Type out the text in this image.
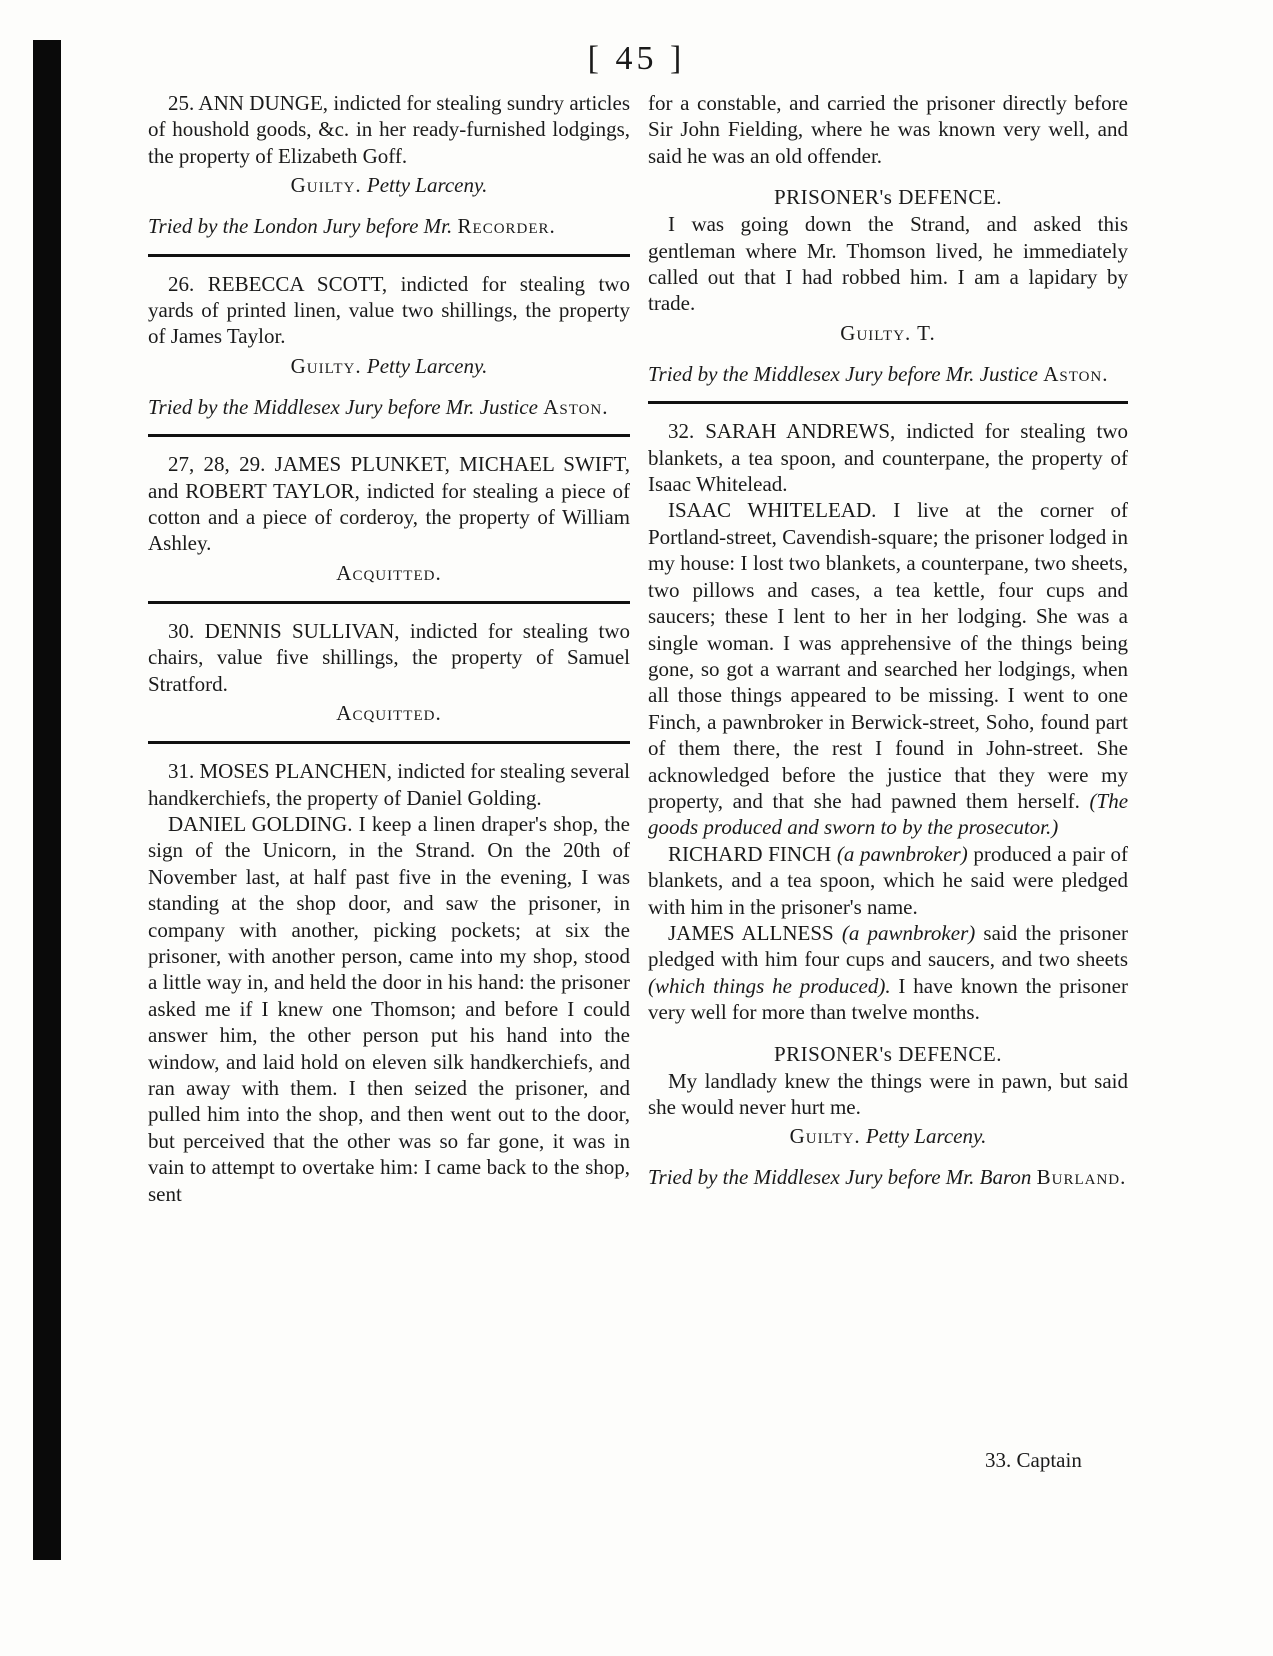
[ 45 ]

25. ANN DUNGE, indicted for stealing sundry articles of houshold goods, &c. in her ready-furnished lodgings, the property of Elizabeth Goff.

Guilty. Petty Larceny.

Tried by the London Jury before Mr. Recorder.

26. REBECCA SCOTT, indicted for stealing two yards of printed linen, value two shillings, the property of James Taylor.

Guilty. Petty Larceny.

Tried by the Middlesex Jury before Mr. Justice Aston.

27, 28, 29. JAMES PLUNKET, MICHAEL SWIFT, and ROBERT TAYLOR, indicted for stealing a piece of cotton and a piece of corderoy, the property of William Ashley.

Acquitted.

30. DENNIS SULLIVAN, indicted for stealing two chairs, value five shillings, the property of Samuel Stratford.

Acquitted.

31. MOSES PLANCHEN, indicted for stealing several handkerchiefs, the property of Daniel Golding.

DANIEL GOLDING. I keep a linen draper's shop, the sign of the Unicorn, in the Strand. On the 20th of November last, at half past five in the evening, I was standing at the shop door, and saw the prisoner, in company with another, picking pockets; at six the prisoner, with another person, came into my shop, stood a little way in, and held the door in his hand: the prisoner asked me if I knew one Thomson; and before I could answer him, the other person put his hand into the window, and laid hold on eleven silk handkerchiefs, and ran away with them. I then seized the prisoner, and pulled him into the shop, and then went out to the door, but perceived that the other was so far gone, it was in vain to attempt to overtake him: I came back to the shop, sent

for a constable, and carried the prisoner directly before Sir John Fielding, where he was known very well, and said he was an old offender.

PRISONER's DEFENCE.

I was going down the Strand, and asked this gentleman where Mr. Thomson lived, he immediately called out that I had robbed him. I am a lapidary by trade.

Guilty. T.

Tried by the Middlesex Jury before Mr. Justice Aston.

32. SARAH ANDREWS, indicted for stealing two blankets, a tea spoon, and counterpane, the property of Isaac Whitelead.

ISAAC WHITELEAD. I live at the corner of Portland-street, Cavendish-square; the prisoner lodged in my house: I lost two blankets, a counterpane, two sheets, two pillows and cases, a tea kettle, four cups and saucers; these I lent to her in her lodging. She was a single woman. I was apprehensive of the things being gone, so got a warrant and searched her lodgings, when all those things appeared to be missing. I went to one Finch, a pawnbroker in Berwick-street, Soho, found part of them there, the rest I found in John-street. She acknowledged before the justice that they were my property, and that she had pawned them herself. (The goods produced and sworn to by the prosecutor.)

RICHARD FINCH (a pawnbroker) produced a pair of blankets, and a tea spoon, which he said were pledged with him in the prisoner's name.

JAMES ALLNESS (a pawnbroker) said the prisoner pledged with him four cups and saucers, and two sheets (which things he produced). I have known the prisoner very well for more than twelve months.

PRISONER's DEFENCE.

My landlady knew the things were in pawn, but said she would never hurt me.

Guilty. Petty Larceny.

Tried by the Middlesex Jury before Mr. Baron Burland.

33. Captain
